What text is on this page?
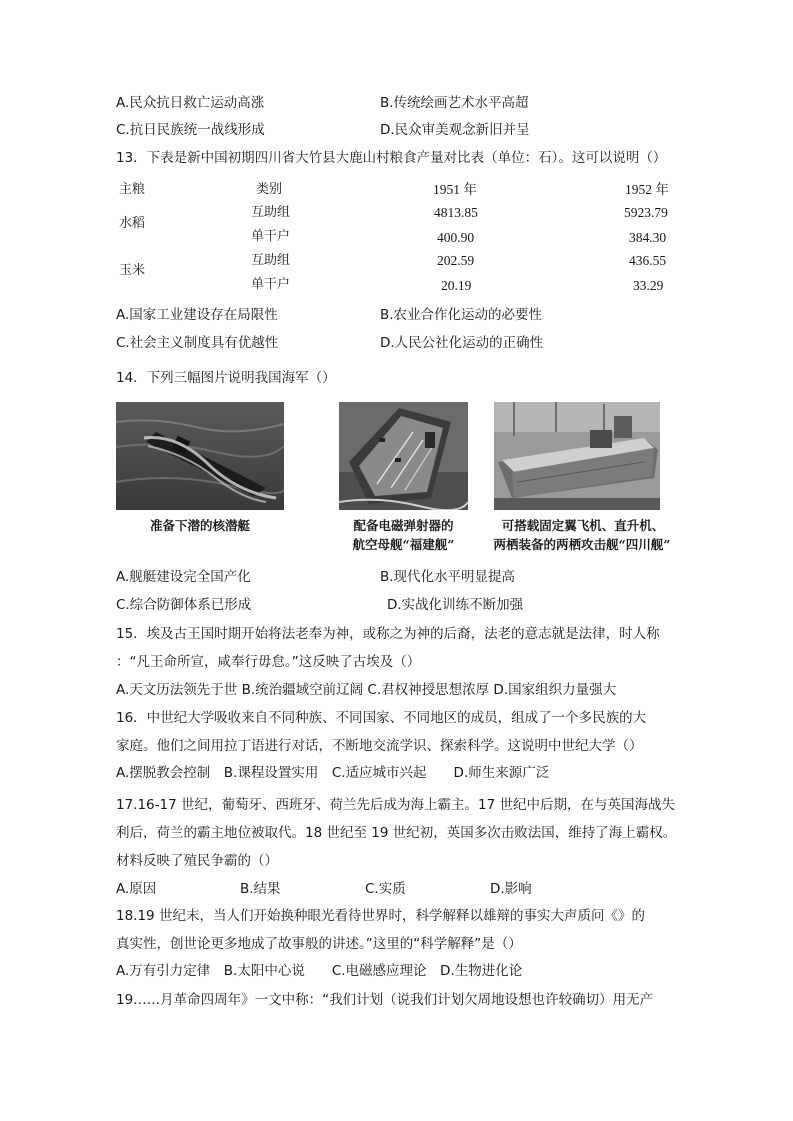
A.民众抗日救亡运动高涨	B.传统绘画艺术水平高超
C.抗日民族统一战线形成	D.民众审美观念新旧并呈
13．下表是新中国初期四川省大竹县大鹿山村粮食产量对比表（单位：石）。这可以说明（）
主粮	类别	1951 年	1952 年
水稻
互助组	4813.85	5923.79
单干户	400.90	384.30
玉米
互助组	202.59	436.55
单干户	20.19	33.29
A.国家工业建设存在局限性	B.农业合作化运动的必要性
C.社会主义制度具有优越性	D.人民公社化运动的正确性
14．下列三幅图片说明我国海军（）
准备下潜的核潜艇	配备电磁弹射器的
航空母舰“福建舰”
可搭载固定翼飞机、直升机、
两栖装备的两栖攻击舰“四川舰”
A.舰艇建设完全国产化	B.现代化水平明显提高
C.综合防御体系已形成	D.实战化训练不断加强
15．埃及古王国时期开始将法老奉为神，或称之为神的后裔，法老的意志就是法律，时人称
：“凡王命所宣，咸奉行毋怠。”这反映了古埃及（）
A.天文历法领先于世 B.统治疆域空前辽阔 C.君权神授思想浓厚 D.国家组织力量强大
16．中世纪大学吸收来自不同种族、不同国家、不同地区的成员，组成了一个多民族的大
家庭。他们之间用拉丁语进行对话，不断地交流学识、探索科学。这说明中世纪大学（）
A.摆脱教会控制　B.课程设置实用　C.适应城市兴起　　D.师生来源广泛
17.16-17 世纪，葡萄牙、西班牙、荷兰先后成为海上霸主。17 世纪中后期，在与英国海战失
利后，荷兰的霸主地位被取代。18 世纪至 19 世纪初，英国多次击败法国，维持了海上霸权。
材料反映了殖民争霸的（）
A.原因	B.结果	C.实质	D.影响
18.19 世纪末，当人们开始换种眼光看待世界时，科学解释以雄辩的事实大声质问《》的
真实性，创世论更多地成了故事般的讲述。”这里的“科学解释”是（）
A.万有引力定律　B.太阳中心说　　C.电磁感应理论　D.生物进化论
19……月革命四周年》一文中称：“我们计划（说我们计划欠周地设想也许较确切）用无产
